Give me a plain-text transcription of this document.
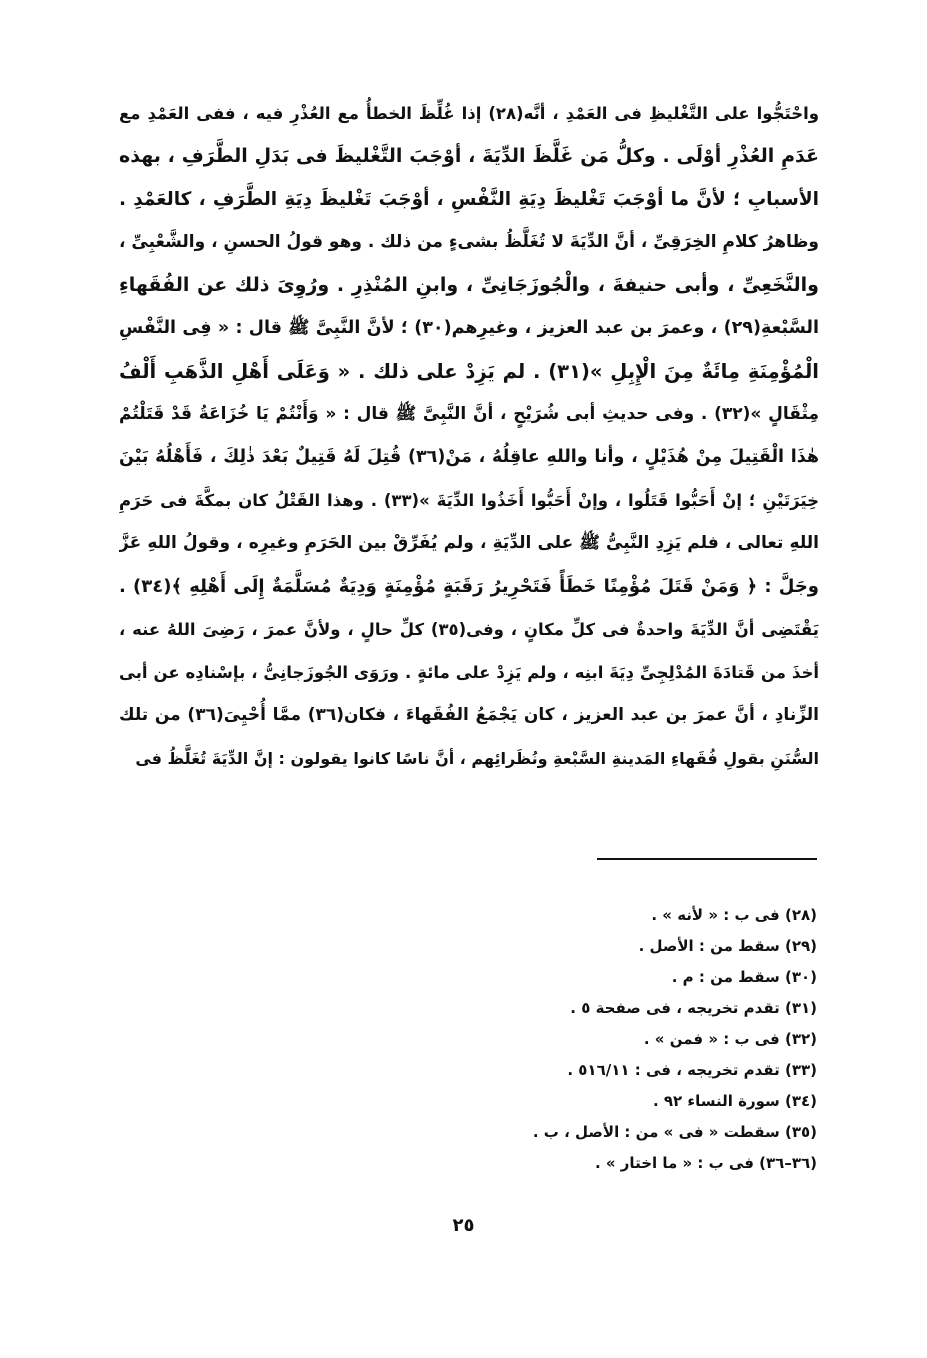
واحْتَجُّوا على التَّغْليظِ فى العَمْدِ ، أنَّه(٢٨) إذا غُلِّظَ الخطأُ مع العُذْرِ فيه ، ففى العَمْدِ مع
عَدَمِ العُذْرِ أوْلَى . وكلُّ مَن غَلَّظَ الدِّيَةَ ، أوْجَبَ التَّغْليظَ فى بَدَلِ الطَّرَفِ ، بهذه
الأسبابِ ؛ لأنَّ ما أوْجَبَ تَغْليظَ دِيَةِ النَّفْسِ ، أوْجَبَ تَغْليظَ دِيَةِ الطَّرَفِ ، كالعَمْدِ .
وظاهرُ كلامِ الخِرَقِىِّ ، أنَّ الدِّيَةَ لا تُغَلَّظُ بشىءٍ من ذلك . وهو قولُ الحسنِ ، والشَّعْبِىِّ ،
والنَّخَعِىِّ ، وأبى حنيفةَ ، والْجُوزَجَانِىِّ ، وابنِ المُنْذِرِ . ورُوِىَ ذلك عن الفُقَهاءِ
السَّبْعةِ(٢٩) ، وعمرَ بن عبد العزيز ، وغيرِهم(٣٠) ؛ لأنَّ النَّبِىَّ ﷺ قال : « فِى النَّفْسِ
الْمُؤْمِنَةِ مِائَةٌ مِنَ الْإِبِلِ »(٣١) . لم يَزِدْ على ذلك . « وَعَلَى أَهْلِ الذَّهَبِ أَلْفُ
مِثْقَالٍ »(٣٢) . وفى حديثِ أبى شُرَيْحٍ ، أنَّ النَّبِىَّ ﷺ قال : « وَأَنْتُمْ يَا خُزَاعَةُ قَدْ قَتَلْتُمْ
هٰذَا الْقَتِيلَ مِنْ هُذَيْلٍ ، وأنا واللهِ عاقِلُهُ ، مَنْ(٣٦) قُتِلَ لَهُ قَتِيلٌ بَعْدَ ذٰلِكَ ، فَأَهْلُهُ بَيْنَ
خِيَرَتَيْنِ ؛ إنْ أَحَبُّوا قَتَلُوا ، وإنْ أَحَبُّوا أَخَذُوا الدِّيَةَ »(٣٣) . وهذا القَتْلُ كان بمكَّةَ فى حَرَمِ
اللهِ تعالى ، فلم يَزِدِ النَّبِىُّ ﷺ على الدِّيَةِ ، ولم يُفَرِّقْ بين الحَرَمِ وغيرِه ، وقولُ اللهِ عَزَّ
وجَلَّ : ﴿ وَمَنْ قَتَلَ مُؤْمِنًا خَطَأً فَتَحْرِيرُ رَقَبَةٍ مُؤْمِنَةٍ وَدِيَةٌ مُسَلَّمَةٌ إِلَى أَهْلِهِ ﴾(٣٤) .
يَقْتَضِى أنَّ الدِّيَةَ واحدةٌ فى كلِّ مكانٍ ، وفى(٣٥) كلِّ حالٍ ، ولأنَّ عمرَ ، رَضِىَ اللهُ عنه ،
أخذَ من قَتادَةَ المُدْلِجِىِّ دِيَةَ ابنِه ، ولم يَزِدْ على مائةٍ . ورَوَى الجُوزَجانِىُّ ، بإسْنادِه عن أبى
الزِّنادِ ، أنَّ عمرَ بن عبد العزيز ، كان يَجْمَعُ الفُقَهاءَ ، فكان(٣٦) ممَّا أُحْيِىَ(٣٦) من تلك
السُّنَنِ بقولِ فُقَهاءِ المَدينةِ السَّبْعةِ ونُظَرائِهم ، أنَّ ناسًا كانوا يقولون : إنَّ الدِّيَةَ تُغَلَّظُ فى
(٢٨) فى ب : « لأنه » .
(٢٩) سقط من : الأصل .
(٣٠) سقط من : م .
(٣١) تقدم تخريجه ، فى صفحة ٥ .
(٣٢) فى ب : « فمن » .
(٣٣) تقدم تخريجه ، فى : ٥١٦/١١ .
(٣٤) سورة النساء ٩٢ .
(٣٥) سقطت « فى » من : الأصل ، ب .
(٣٦–٣٦) فى ب : « ما اختار » .
٢٥
